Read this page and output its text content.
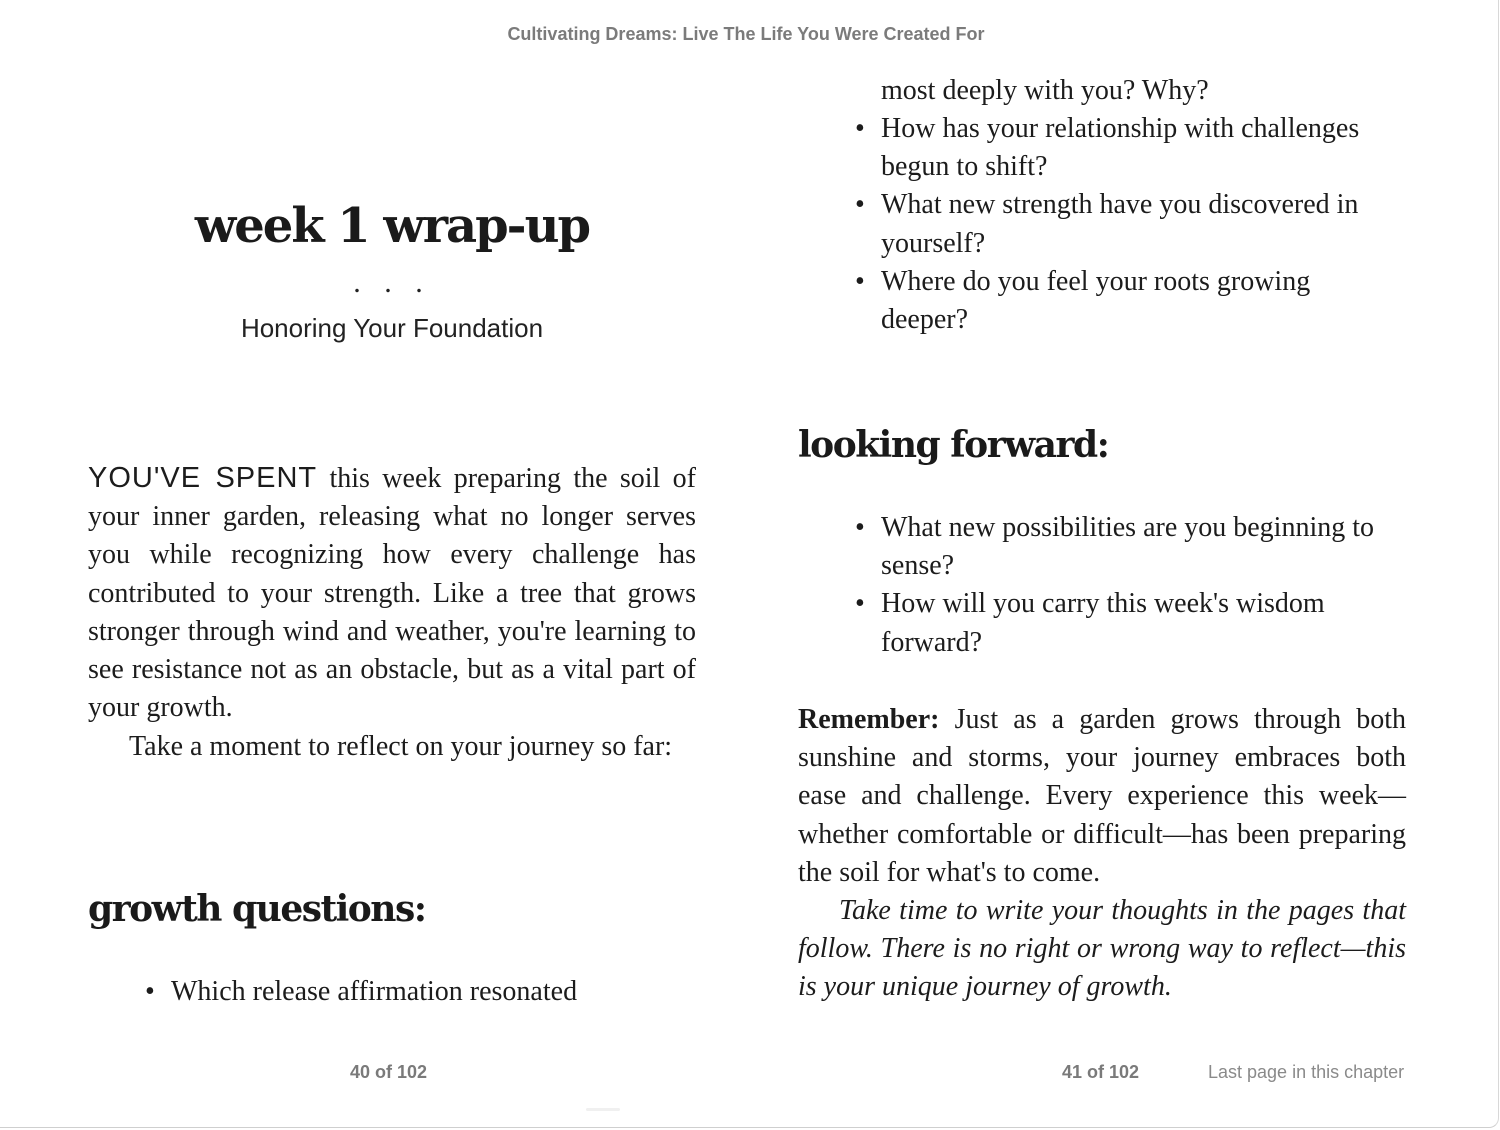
Cultivating Dreams: Live The Life You Were Created For
week 1 wrap-up
. . .
Honoring Your Foundation

YOU'VE SPENT this week preparing the soil of your inner garden, releasing what no longer serves you while recognizing how every challenge has contributed to your strength. Like a tree that grows stronger through wind and weather, you're learning to see resistance not as an obstacle, but as a vital part of your growth.

Take a moment to reflect on your journey so far:

growth questions:
• Which release affirmation resonated
most deeply with you? Why?
• How has your relationship with challenges begun to shift?
• What new strength have you discovered in yourself?
• Where do you feel your roots growing deeper?
looking forward:
• What new possibilities are you beginning to sense?
• How will you carry this week's wisdom forward?

Remember: Just as a garden grows through both sunshine and storms, your journey embraces both ease and challenge. Every experience this week—whether comfortable or difficult—has been preparing the soil for what's to come.

Take time to write your thoughts in the pages that follow. There is no right or wrong way to reflect—this is your unique journey of growth.

40 of 102	41 of 102	Last page in this chapter
